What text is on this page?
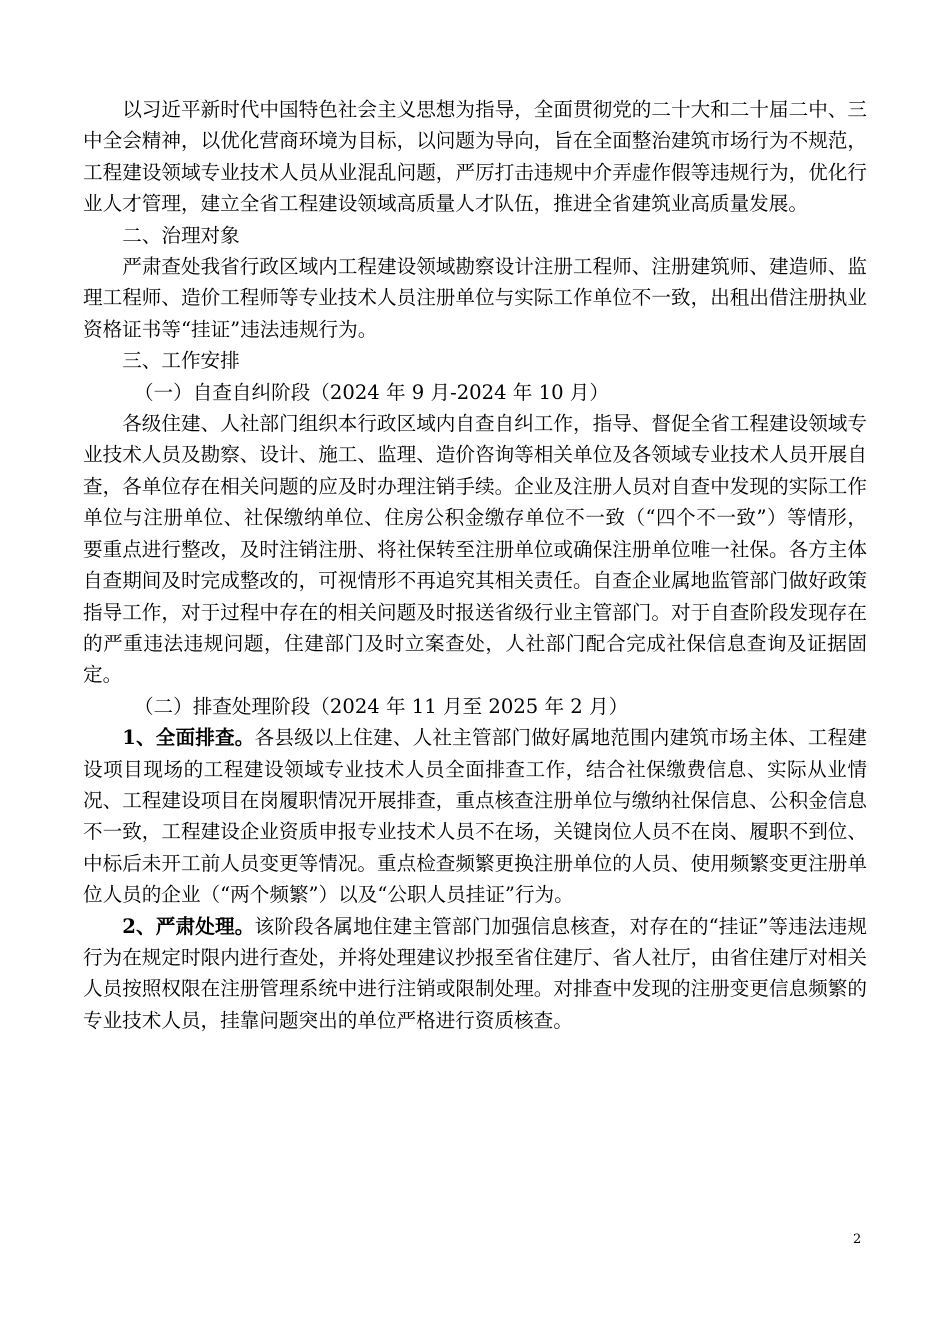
以习近平新时代中国特色社会主义思想为指导，全面贯彻党的二十大和二十届二中、三中全会精神，以优化营商环境为目标，以问题为导向，旨在全面整治建筑市场行为不规范，工程建设领域专业技术人员从业混乱问题，严厉打击违规中介弄虚作假等违规行为，优化行业人才管理，建立全省工程建设领域高质量人才队伍，推进全省建筑业高质量发展。

二、治理对象

严肃查处我省行政区域内工程建设领域勘察设计注册工程师、注册建筑师、建造师、监理工程师、造价工程师等专业技术人员注册单位与实际工作单位不一致，出租出借注册执业资格证书等“挂证”违法违规行为。

三、工作安排

（一）自查自纠阶段（2024 年 9 月-2024 年 10 月）

各级住建、人社部门组织本行政区域内自查自纠工作，指导、督促全省工程建设领域专业技术人员及勘察、设计、施工、监理、造价咨询等相关单位及各领域专业技术人员开展自查，各单位存在相关问题的应及时办理注销手续。企业及注册人员对自查中发现的实际工作单位与注册单位、社保缴纳单位、住房公积金缴存单位不一致（“四个不一致”）等情形，要重点进行整改，及时注销注册、将社保转至注册单位或确保注册单位唯一社保。各方主体自查期间及时完成整改的，可视情形不再追究其相关责任。自查企业属地监管部门做好政策指导工作，对于过程中存在的相关问题及时报送省级行业主管部门。对于自查阶段发现存在的严重违法违规问题，住建部门及时立案查处，人社部门配合完成社保信息查询及证据固定。

（二）排查处理阶段（2024 年 11 月至 2025 年 2 月）

1、全面排查。各县级以上住建、人社主管部门做好属地范围内建筑市场主体、工程建设项目现场的工程建设领域专业技术人员全面排查工作，结合社保缴费信息、实际从业情况、工程建设项目在岗履职情况开展排查，重点核查注册单位与缴纳社保信息、公积金信息不一致，工程建设企业资质申报专业技术人员不在场，关键岗位人员不在岗、履职不到位、中标后未开工前人员变更等情况。重点检查频繁更换注册单位的人员、使用频繁变更注册单位人员的企业（“两个频繁”）以及“公职人员挂证”行为。

2、严肃处理。该阶段各属地住建主管部门加强信息核查，对存在的“挂证”等违法违规行为在规定时限内进行查处，并将处理建议抄报至省住建厅、省人社厅，由省住建厅对相关人员按照权限在注册管理系统中进行注销或限制处理。对排查中发现的注册变更信息频繁的专业技术人员，挂靠问题突出的单位严格进行资质核查。

2
